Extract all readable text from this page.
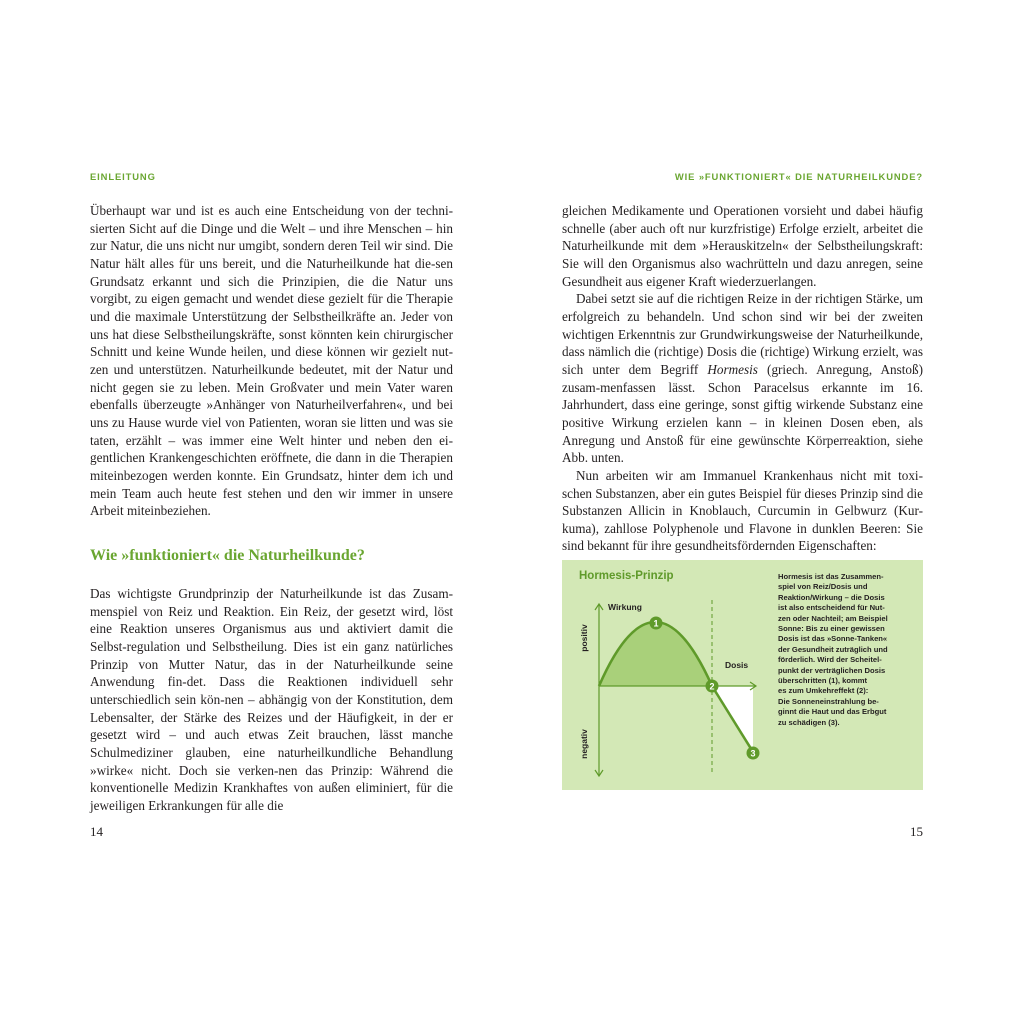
EINLEITUNG

Überhaupt war und ist es auch eine Entscheidung von der techni-sierten Sicht auf die Dinge und die Welt – und ihre Menschen – hin zur Natur, die uns nicht nur umgibt, sondern deren Teil wir sind. Die Natur hält alles für uns bereit, und die Naturheilkunde hat die-sen Grundsatz erkannt und sich die Prinzipien, die die Natur uns vorgibt, zu eigen gemacht und wendet diese gezielt für die Therapie und die maximale Unterstützung der Selbstheilkräfte an. Jeder von uns hat diese Selbstheilungskräfte, sonst könnten kein chirurgischer Schnitt und keine Wunde heilen, und diese können wir gezielt nut-zen und unterstützen. Naturheilkunde bedeutet, mit der Natur und nicht gegen sie zu leben. Mein Großvater und mein Vater waren ebenfalls überzeugte »Anhänger von Naturheilverfahren«, und bei uns zu Hause wurde viel von Patienten, woran sie litten und was sie taten, erzählt – was immer eine Welt hinter und neben den ei-gentlichen Krankengeschichten eröffnete, die dann in die Therapien miteinbezogen werden konnte. Ein Grundsatz, hinter dem ich und mein Team auch heute fest stehen und den wir immer in unsere Arbeit miteinbeziehen.

Wie »funktioniert« die Naturheilkunde?

Das wichtigste Grundprinzip der Naturheilkunde ist das Zusam-menspiel von Reiz und Reaktion. Ein Reiz, der gesetzt wird, löst eine Reaktion unseres Organismus aus und aktiviert damit die Selbst-regulation und Selbstheilung. Dies ist ein ganz natürliches Prinzip von Mutter Natur, das in der Naturheilkunde seine Anwendung fin-det. Dass die Reaktionen individuell sehr unterschiedlich sein kön-nen – abhängig von der Konstitution, dem Lebensalter, der Stärke des Reizes und der Häufigkeit, in der er gesetzt wird – und auch etwas Zeit brauchen, lässt manche Schulmediziner glauben, eine naturheilkundliche Behandlung »wirke« nicht. Doch sie verken-nen das Prinzip: Während die konventionelle Medizin Krankhaftes von außen eliminiert, für die jeweiligen Erkrankungen für alle die

14
WIE »FUNKTIONIERT« DIE NATURHEILKUNDE?

gleichen Medikamente und Operationen vorsieht und dabei häufig schnelle (aber auch oft nur kurzfristige) Erfolge erzielt, arbeitet die Naturheilkunde mit dem »Herauskitzeln« der Selbstheilungskraft: Sie will den Organismus also wachrütteln und dazu anregen, seine Gesundheit aus eigener Kraft wiederzuerlangen.

Dabei setzt sie auf die richtigen Reize in der richtigen Stärke, um erfolgreich zu behandeln. Und schon sind wir bei der zweiten wichtigen Erkenntnis zur Grundwirkungsweise der Naturheilkunde, dass nämlich die (richtige) Dosis die (richtige) Wirkung erzielt, was sich unter dem Begriff Hormesis (griech. Anregung, Anstoß) zusam-menfassen lässt. Schon Paracelsus erkannte im 16. Jahrhundert, dass eine geringe, sonst giftig wirkende Substanz eine positive Wirkung erzielen kann – in kleinen Dosen eben, als Anregung und Anstoß für eine gewünschte Körperreaktion, siehe Abb. unten.

Nun arbeiten wir am Immanuel Krankenhaus nicht mit toxi-schen Substanzen, aber ein gutes Beispiel für dieses Prinzip sind die Substanzen Allicin in Knoblauch, Curcumin in Gelbwurz (Kur-kuma), zahllose Polyphenole und Flavone in dunklen Beeren: Sie sind bekannt für ihre gesundheitsfördernden Eigenschaften:

Hormesis-Prinzip
1
2
3
Wirkung
Dosis
positiv
negativ
Hormesis ist das Zusammen-
spiel von Reiz/Dosis und
Reaktion/Wirkung – die Dosis
ist also entscheidend für Nut-
zen oder Nachteil; am Beispiel
Sonne: Bis zu einer gewissen
Dosis ist das »Sonne-Tanken«
der Gesundheit zuträglich und
förderlich. Wird der Scheitel-
punkt der verträglichen Dosis
überschritten (1), kommt
es zum Umkehreffekt (2):
Die Sonneneinstrahlung be-
ginnt die Haut und das Erbgut
zu schädigen (3).
15
